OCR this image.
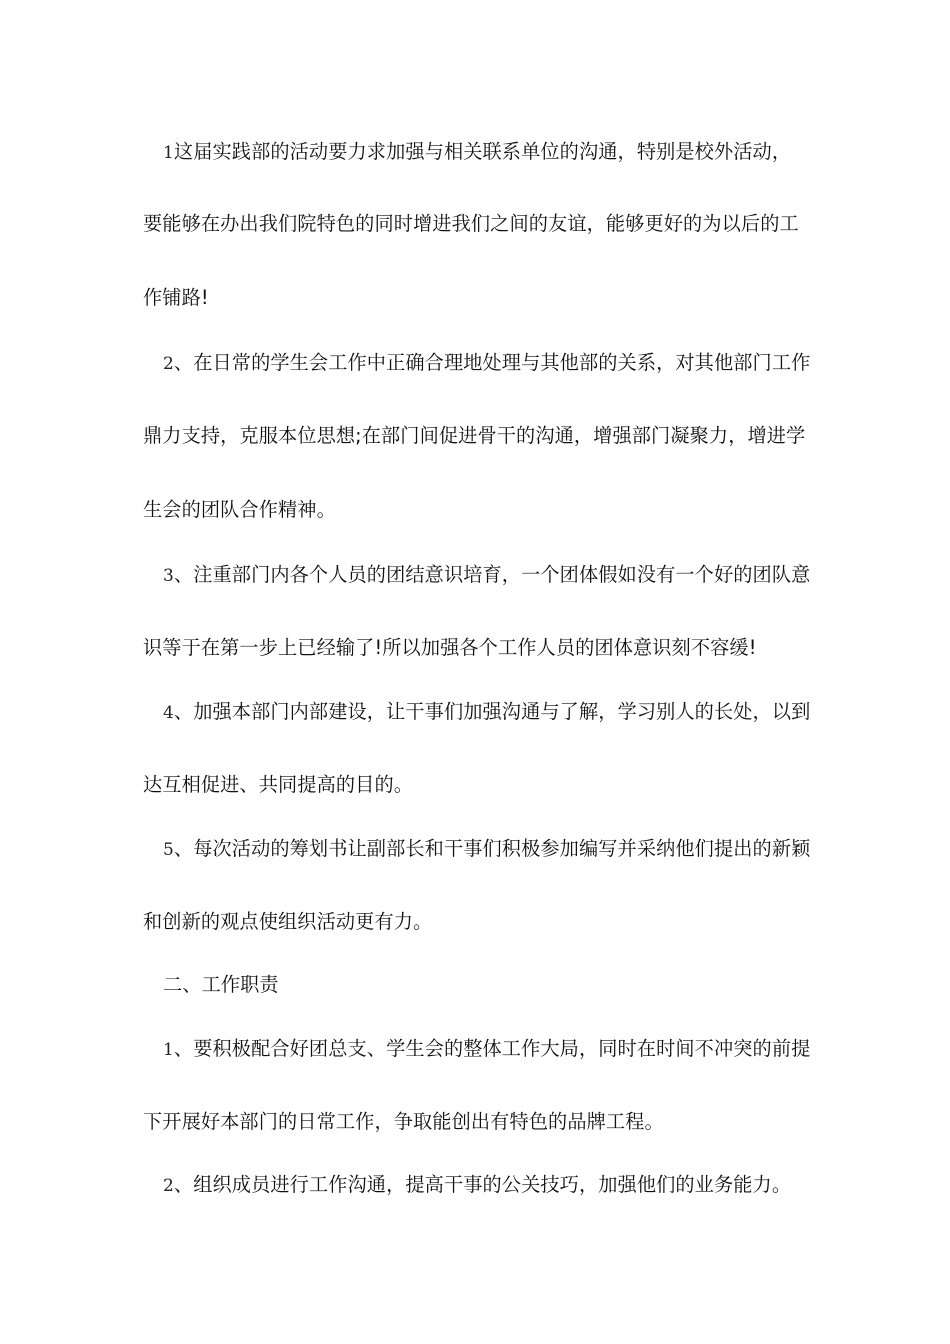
1这届实践部的活动要力求加强与相关联系单位的沟通，特别是校外活动，
要能够在办出我们院特色的同时增进我们之间的友谊，能够更好的为以后的工
作铺路!
2、在日常的学生会工作中正确合理地处理与其他部的关系，对其他部门工作
鼎力支持，克服本位思想;在部门间促进骨干的沟通，增强部门凝聚力，增进学
生会的团队合作精神。
3、注重部门内各个人员的团结意识培育，一个团体假如没有一个好的团队意
识等于在第一步上已经输了!所以加强各个工作人员的团体意识刻不容缓!
4、加强本部门内部建设，让干事们加强沟通与了解，学习别人的长处，以到
达互相促进、共同提高的目的。
5、每次活动的筹划书让副部长和干事们积极参加编写并采纳他们提出的新颖
和创新的观点使组织活动更有力。
二、工作职责
1、要积极配合好团总支、学生会的整体工作大局，同时在时间不冲突的前提
下开展好本部门的日常工作，争取能创出有特色的品牌工程。
2、组织成员进行工作沟通，提高干事的公关技巧，加强他们的业务能力。
